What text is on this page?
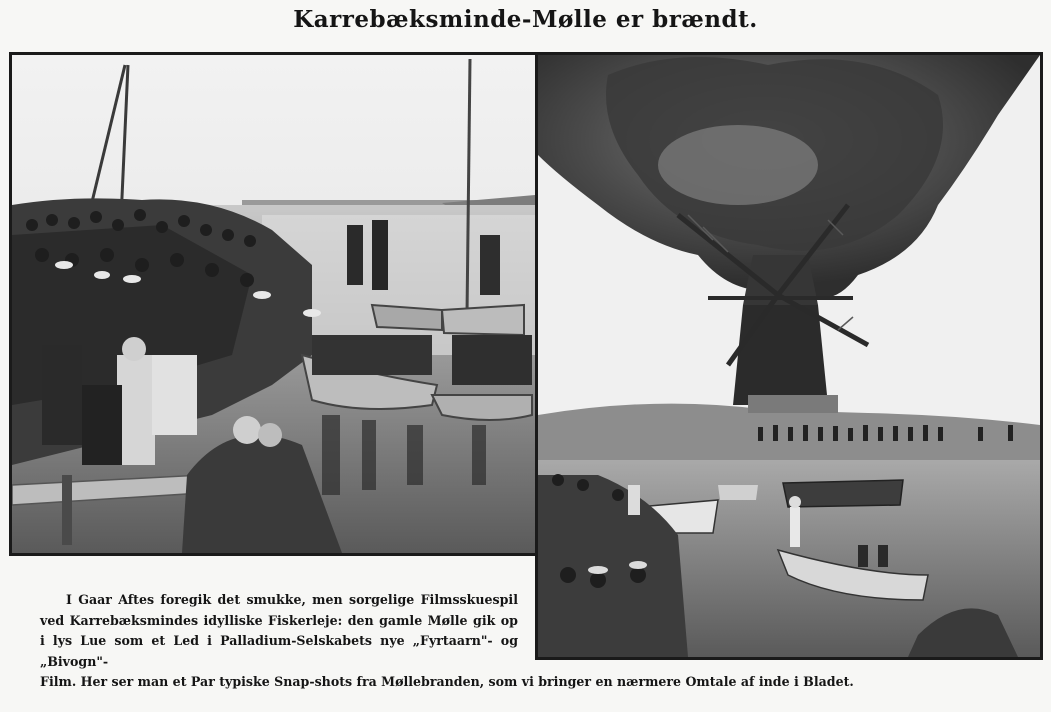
Karrebæksminde-Mølle er brændt.
I Gaar Aftes foregik det smukke, men sorgelige Filmsskuespil ved Karrebæksmindes idylliske Fiskerleje: den gamle Mølle gik op i lys Lue som et Led i Palladium-Selskabets nye „Fyrtaarn"- og „Bivogn"-
Film. Her ser man et Par typiske Snap-shots fra Møllebranden, som vi bringer en nærmere Omtale af inde i Bladet.
